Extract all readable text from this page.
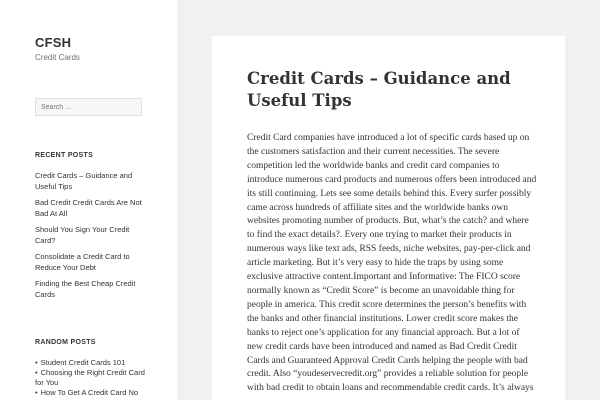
CFSH
Credit Cards
Search …
RECENT POSTS
Credit Cards – Guidance and Useful Tips
Bad Credit Credit Cards Are Not Bad At All
Should You Sign Your Credit Card?
Consolidate a Credit Card to Reduce Your Debt
Finding the Best Cheap Credit Cards
RANDOM POSTS
• Student Credit Cards 101
• Choosing the Right Credit Card for You
• How To Get A Credit Card No
Credit Cards – Guidance and Useful Tips

Credit Card companies have introduced a lot of specific cards based up on the customers satisfaction and their current necessities. The severe competition led the worldwide banks and credit card companies to introduce numerous card products and numerous offers been introduced and its still continuing. Lets see some details behind this. Every surfer possibly came across hundreds of affiliate sites and the worldwide banks own websites promoting number of products. But, what’s the catch? and where to find the exact details?. Every one trying to market their products in numerous ways like text ads, RSS feeds, niche websites, pay-per-click and article marketing. But it’s very easy to hide the traps by using some exclusive attractive content.Important and Informative: The FICO score normally known as “Credit Score” is become an unavoidable thing for people in america. This credit score determines the person’s benefits with the banks and other financial institutions. Lower credit score makes the banks to reject one’s application for any financial approach. But a lot of new credit cards have been introduced and named as Bad Credit Credit Cards and Guaranteed Approval Credit Cards helping the people with bad credit. Also “youdeservecredit.org” provides a reliable solution for people with bad credit to obtain loans and recommendable credit cards. It’s always
